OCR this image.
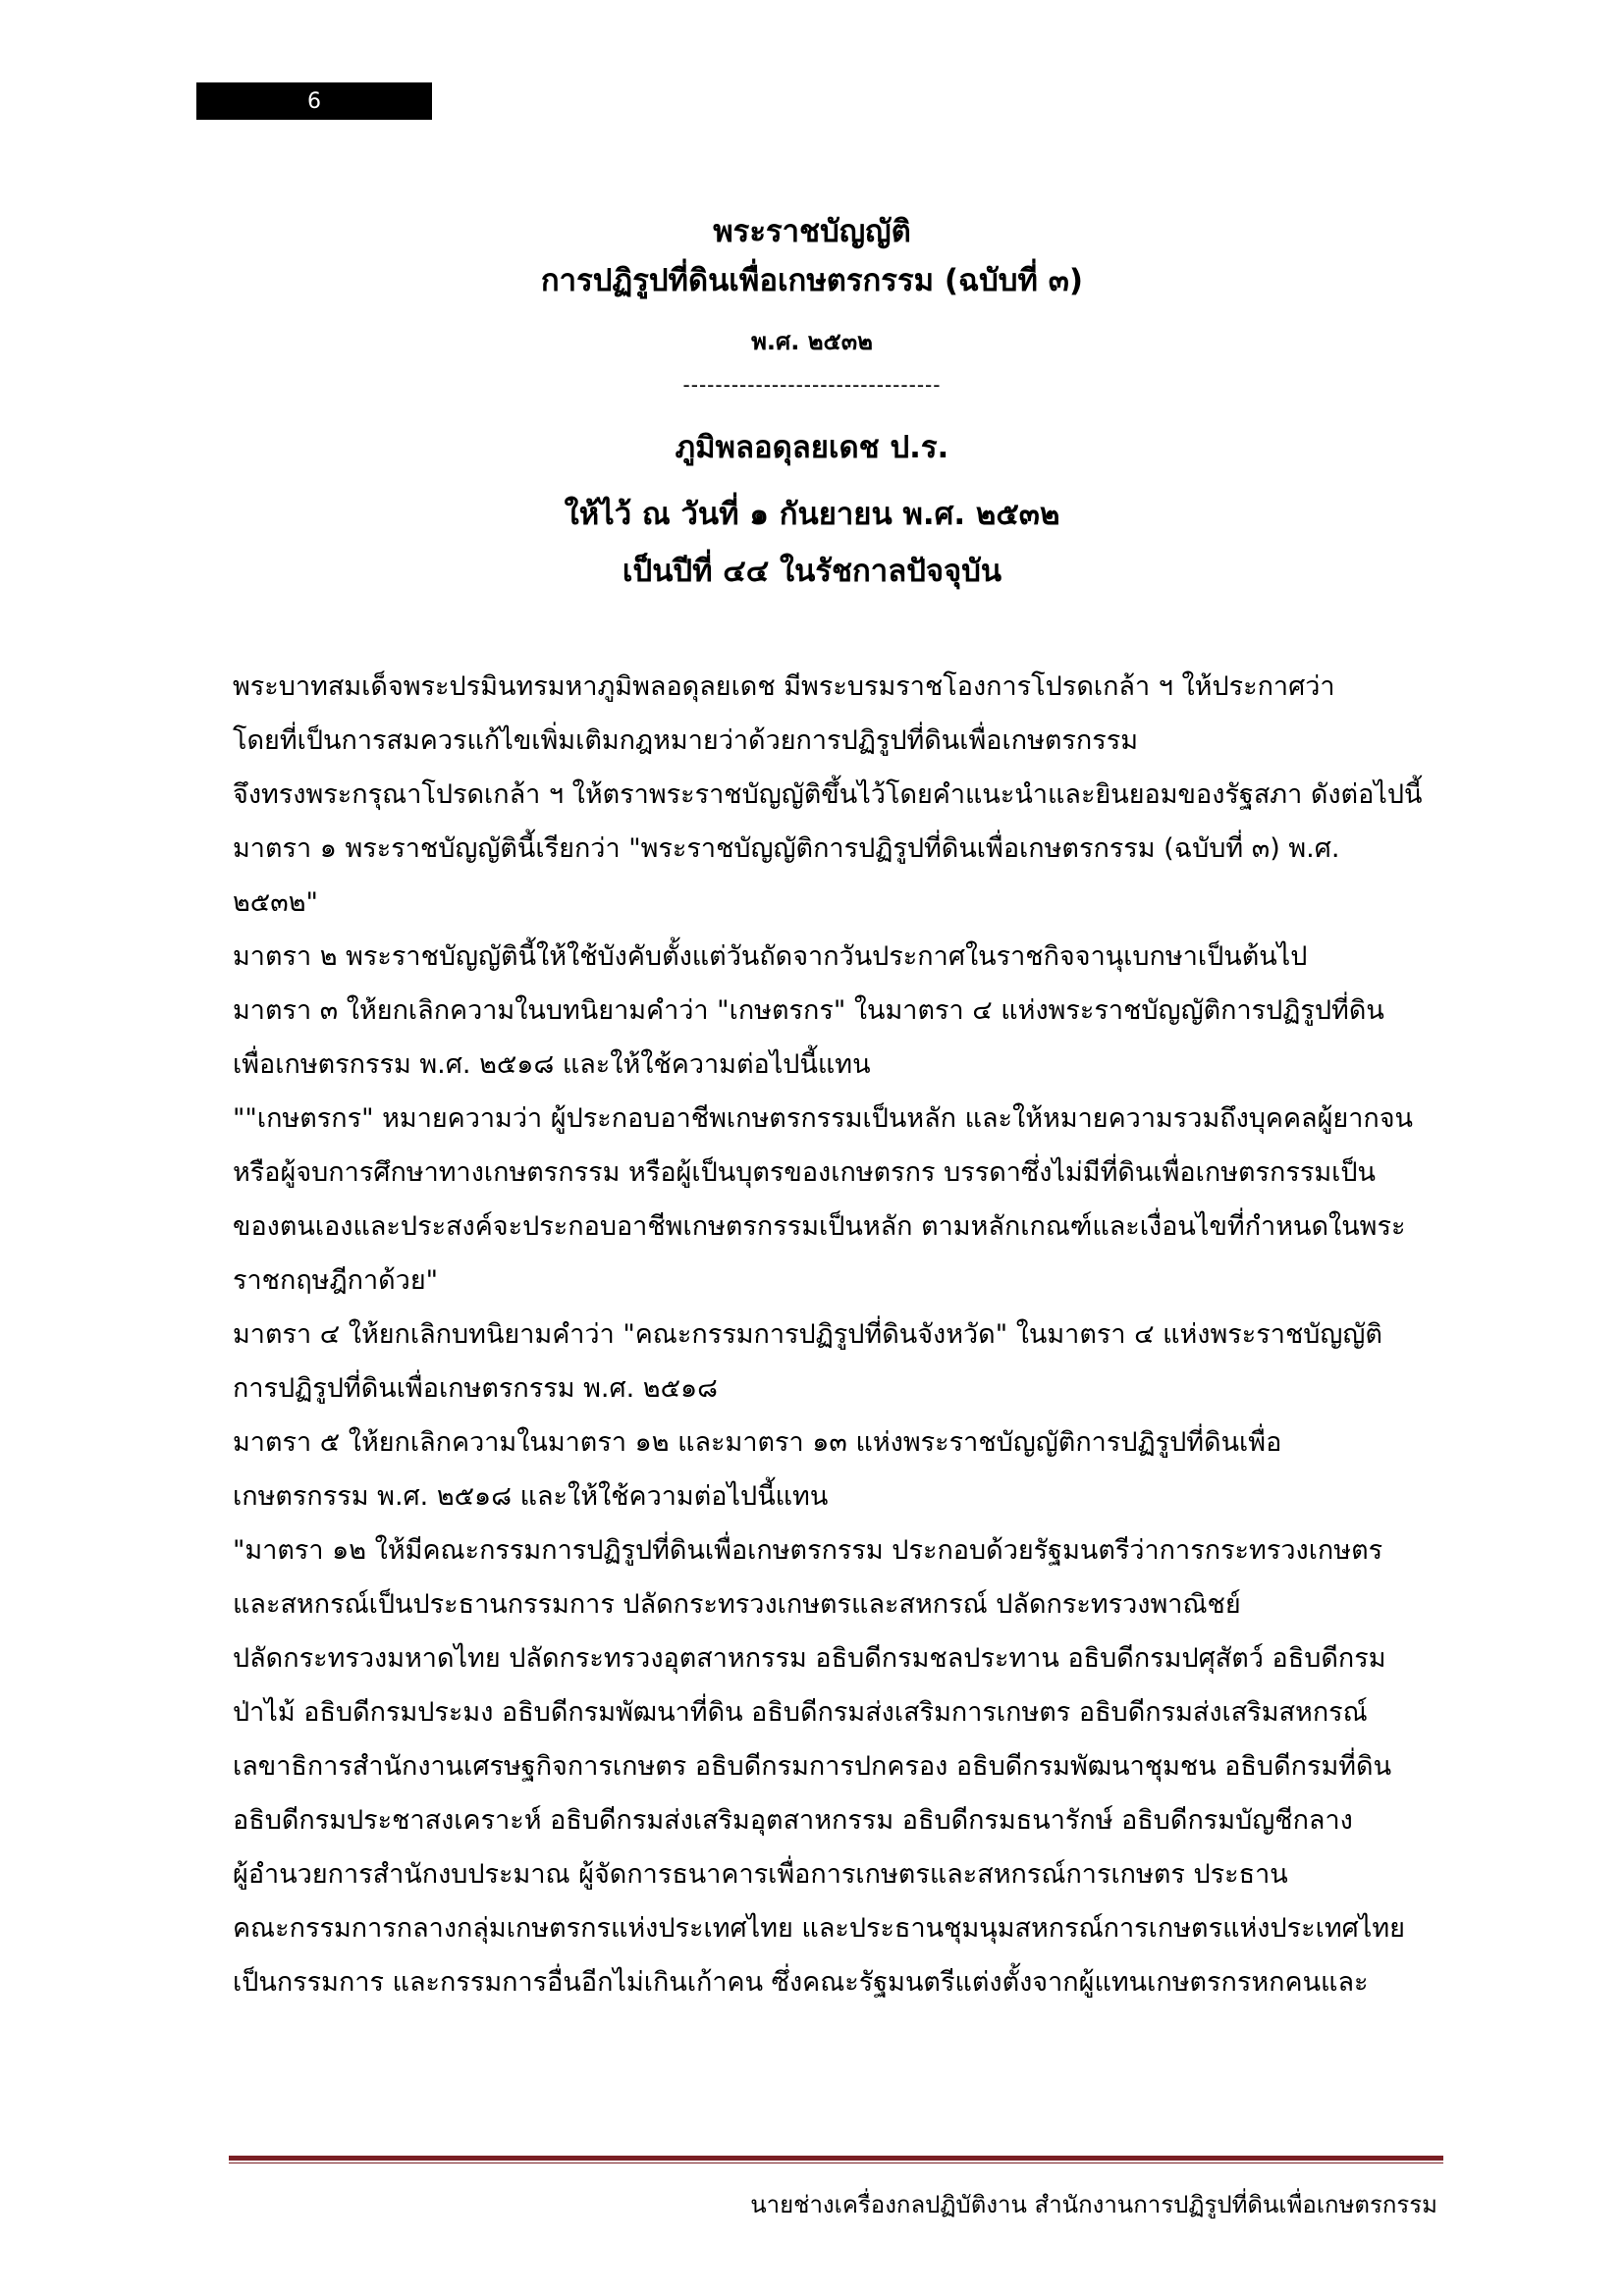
6
พระราชบัญญัติ
การปฏิรูปที่ดินเพื่อเกษตรกรรม (ฉบับที่ ๓)
พ.ศ. ๒๕๓๒
--------------------------------
ภูมิพลอดุลยเดช ป.ร.
ให้ไว้ ณ วันที่ ๑ กันยายน พ.ศ. ๒๕๓๒
เป็นปีที่ ๔๔ ในรัชกาลปัจจุบัน
พระบาทสมเด็จพระปรมินทรมหาภูมิพลอดุลยเดช มีพระบรมราชโองการโปรดเกล้า ฯ ให้ประกาศว่า
โดยที่เป็นการสมควรแก้ไขเพิ่มเติมกฎหมายว่าด้วยการปฏิรูปที่ดินเพื่อเกษตรกรรม
จึงทรงพระกรุณาโปรดเกล้า ฯ ให้ตราพระราชบัญญัติขึ้นไว้โดยคำแนะนำและยินยอมของรัฐสภา ดังต่อไปนี้
มาตรา ๑ พระราชบัญญัตินี้เรียกว่า "พระราชบัญญัติการปฏิรูปที่ดินเพื่อเกษตรกรรม (ฉบับที่ ๓) พ.ศ.
๒๕๓๒"
มาตรา ๒ พระราชบัญญัตินี้ให้ใช้บังคับตั้งแต่วันถัดจากวันประกาศในราชกิจจานุเบกษาเป็นต้นไป
มาตรา ๓ ให้ยกเลิกความในบทนิยามคำว่า "เกษตรกร" ในมาตรา ๔ แห่งพระราชบัญญัติการปฏิรูปที่ดิน
เพื่อเกษตรกรรม พ.ศ. ๒๕๑๘ และให้ใช้ความต่อไปนี้แทน
""เกษตรกร" หมายความว่า ผู้ประกอบอาชีพเกษตรกรรมเป็นหลัก และให้หมายความรวมถึงบุคคลผู้ยากจน
หรือผู้จบการศึกษาทางเกษตรกรรม หรือผู้เป็นบุตรของเกษตรกร บรรดาซึ่งไม่มีที่ดินเพื่อเกษตรกรรมเป็น
ของตนเองและประสงค์จะประกอบอาชีพเกษตรกรรมเป็นหลัก ตามหลักเกณฑ์และเงื่อนไขที่กำหนดในพระ
ราชกฤษฎีกาด้วย"
มาตรา ๔ ให้ยกเลิกบทนิยามคำว่า "คณะกรรมการปฏิรูปที่ดินจังหวัด" ในมาตรา ๔ แห่งพระราชบัญญัติ
การปฏิรูปที่ดินเพื่อเกษตรกรรม พ.ศ. ๒๕๑๘
มาตรา ๕ ให้ยกเลิกความในมาตรา ๑๒ และมาตรา ๑๓ แห่งพระราชบัญญัติการปฏิรูปที่ดินเพื่อ
เกษตรกรรม พ.ศ. ๒๕๑๘ และให้ใช้ความต่อไปนี้แทน
"มาตรา ๑๒ ให้มีคณะกรรมการปฏิรูปที่ดินเพื่อเกษตรกรรม ประกอบด้วยรัฐมนตรีว่าการกระทรวงเกษตร
และสหกรณ์เป็นประธานกรรมการ ปลัดกระทรวงเกษตรและสหกรณ์ ปลัดกระทรวงพาณิชย์
ปลัดกระทรวงมหาดไทย ปลัดกระทรวงอุตสาหกรรม อธิบดีกรมชลประทาน อธิบดีกรมปศุสัตว์ อธิบดีกรม
ป่าไม้ อธิบดีกรมประมง อธิบดีกรมพัฒนาที่ดิน อธิบดีกรมส่งเสริมการเกษตร อธิบดีกรมส่งเสริมสหกรณ์
เลขาธิการสำนักงานเศรษฐกิจการเกษตร อธิบดีกรมการปกครอง อธิบดีกรมพัฒนาชุมชน อธิบดีกรมที่ดิน
อธิบดีกรมประชาสงเคราะห์ อธิบดีกรมส่งเสริมอุตสาหกรรม อธิบดีกรมธนารักษ์ อธิบดีกรมบัญชีกลาง
ผู้อำนวยการสำนักงบประมาณ ผู้จัดการธนาคารเพื่อการเกษตรและสหกรณ์การเกษตร ประธาน
คณะกรรมการกลางกลุ่มเกษตรกรแห่งประเทศไทย และประธานชุมนุมสหกรณ์การเกษตรแห่งประเทศไทย
เป็นกรรมการ และกรรมการอื่นอีกไม่เกินเก้าคน ซึ่งคณะรัฐมนตรีแต่งตั้งจากผู้แทนเกษตรกรหกคนและ
นายช่างเครื่องกลปฏิบัติงาน สำนักงานการปฏิรูปที่ดินเพื่อเกษตรกรรม
